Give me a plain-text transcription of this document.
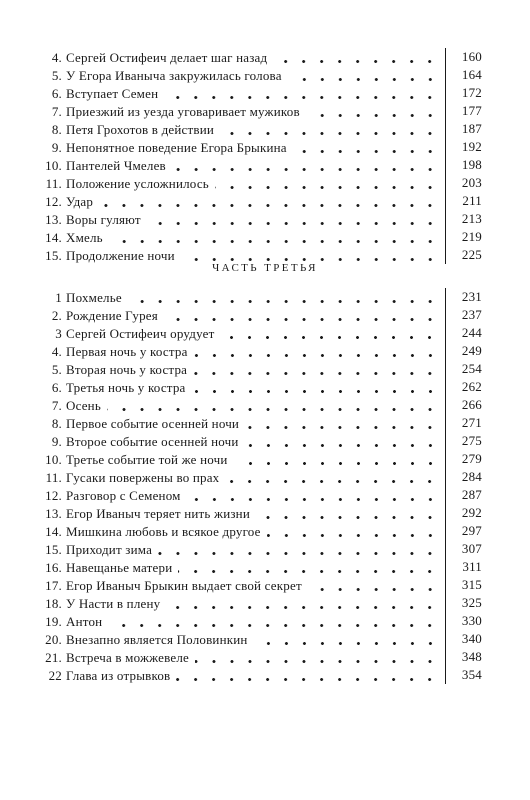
4. Сергей Остифеич делает шаг назад	160
5. У Егора Иваныча закружилась голова	164
6. Вступает Семен	172
7. Приезжий из уезда уговаривает мужиков	177
8. Петя Грохотов в действии	187
9. Непонятное поведение Егора Брыкина	192
10. Пантелей Чмелев	198
11. Положение усложнилось	203
12. Удар	211
13. Воры гуляют	213
14. Хмель	219
15. Продолжение ночи	225
ЧАСТЬ ТРЕТЬЯ
1 Похмелье	231
2. Рождение Гурея	237
3 Сергей Остифеич орудует	244
4. Первая ночь у костра	249
5. Вторая ночь у костра	254
6. Третья ночь у костра	262
7. Осень	266
8. Первое событие осенней ночи	271
9. Второе событие осенней ночи	275
10. Третье событие той же ночи	279
11. Гусаки повержены во прах	284
12. Разговор с Семеном	287
13. Егор Иваныч теряет нить жизни	292
14. Мишкина любовь и всякое другое	297
15. Приходит зима	307
16. Навещанье матери	311
17. Егор Иваныч Брыкин выдает свой секрет	315
18. У Насти в плену	325
19. Антон	330
20. Внезапно является Половинкин	340
21. Встреча в можжевеле	348
22 Глава из отрывков	354
